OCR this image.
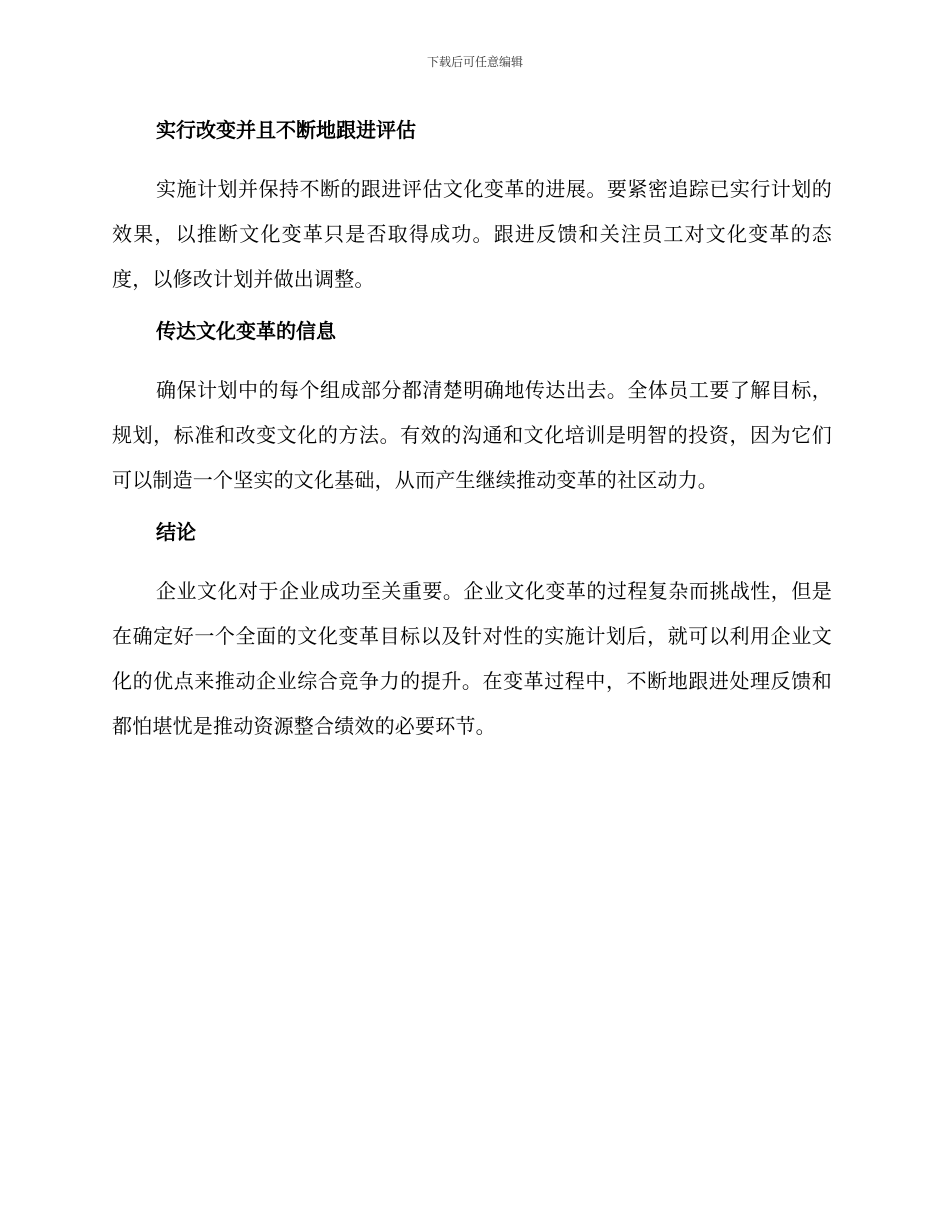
下载后可任意编辑
实行改变并且不断地跟进评估

实施计划并保持不断的跟进评估文化变革的进展。要紧密追踪已实行计划的效果，以推断文化变革只是否取得成功。跟进反馈和关注员工对文化变革的态度，以修改计划并做出调整。

传达文化变革的信息

确保计划中的每个组成部分都清楚明确地传达出去。全体员工要了解目标，规划，标准和改变文化的方法。有效的沟通和文化培训是明智的投资，因为它们可以制造一个坚实的文化基础，从而产生继续推动变革的社区动力。

结论

企业文化对于企业成功至关重要。企业文化变革的过程复杂而挑战性，但是在确定好一个全面的文化变革目标以及针对性的实施计划后，就可以利用企业文化的优点来推动企业综合竞争力的提升。在变革过程中，不断地跟进处理反馈和都怕堪忧是推动资源整合绩效的必要环节。
